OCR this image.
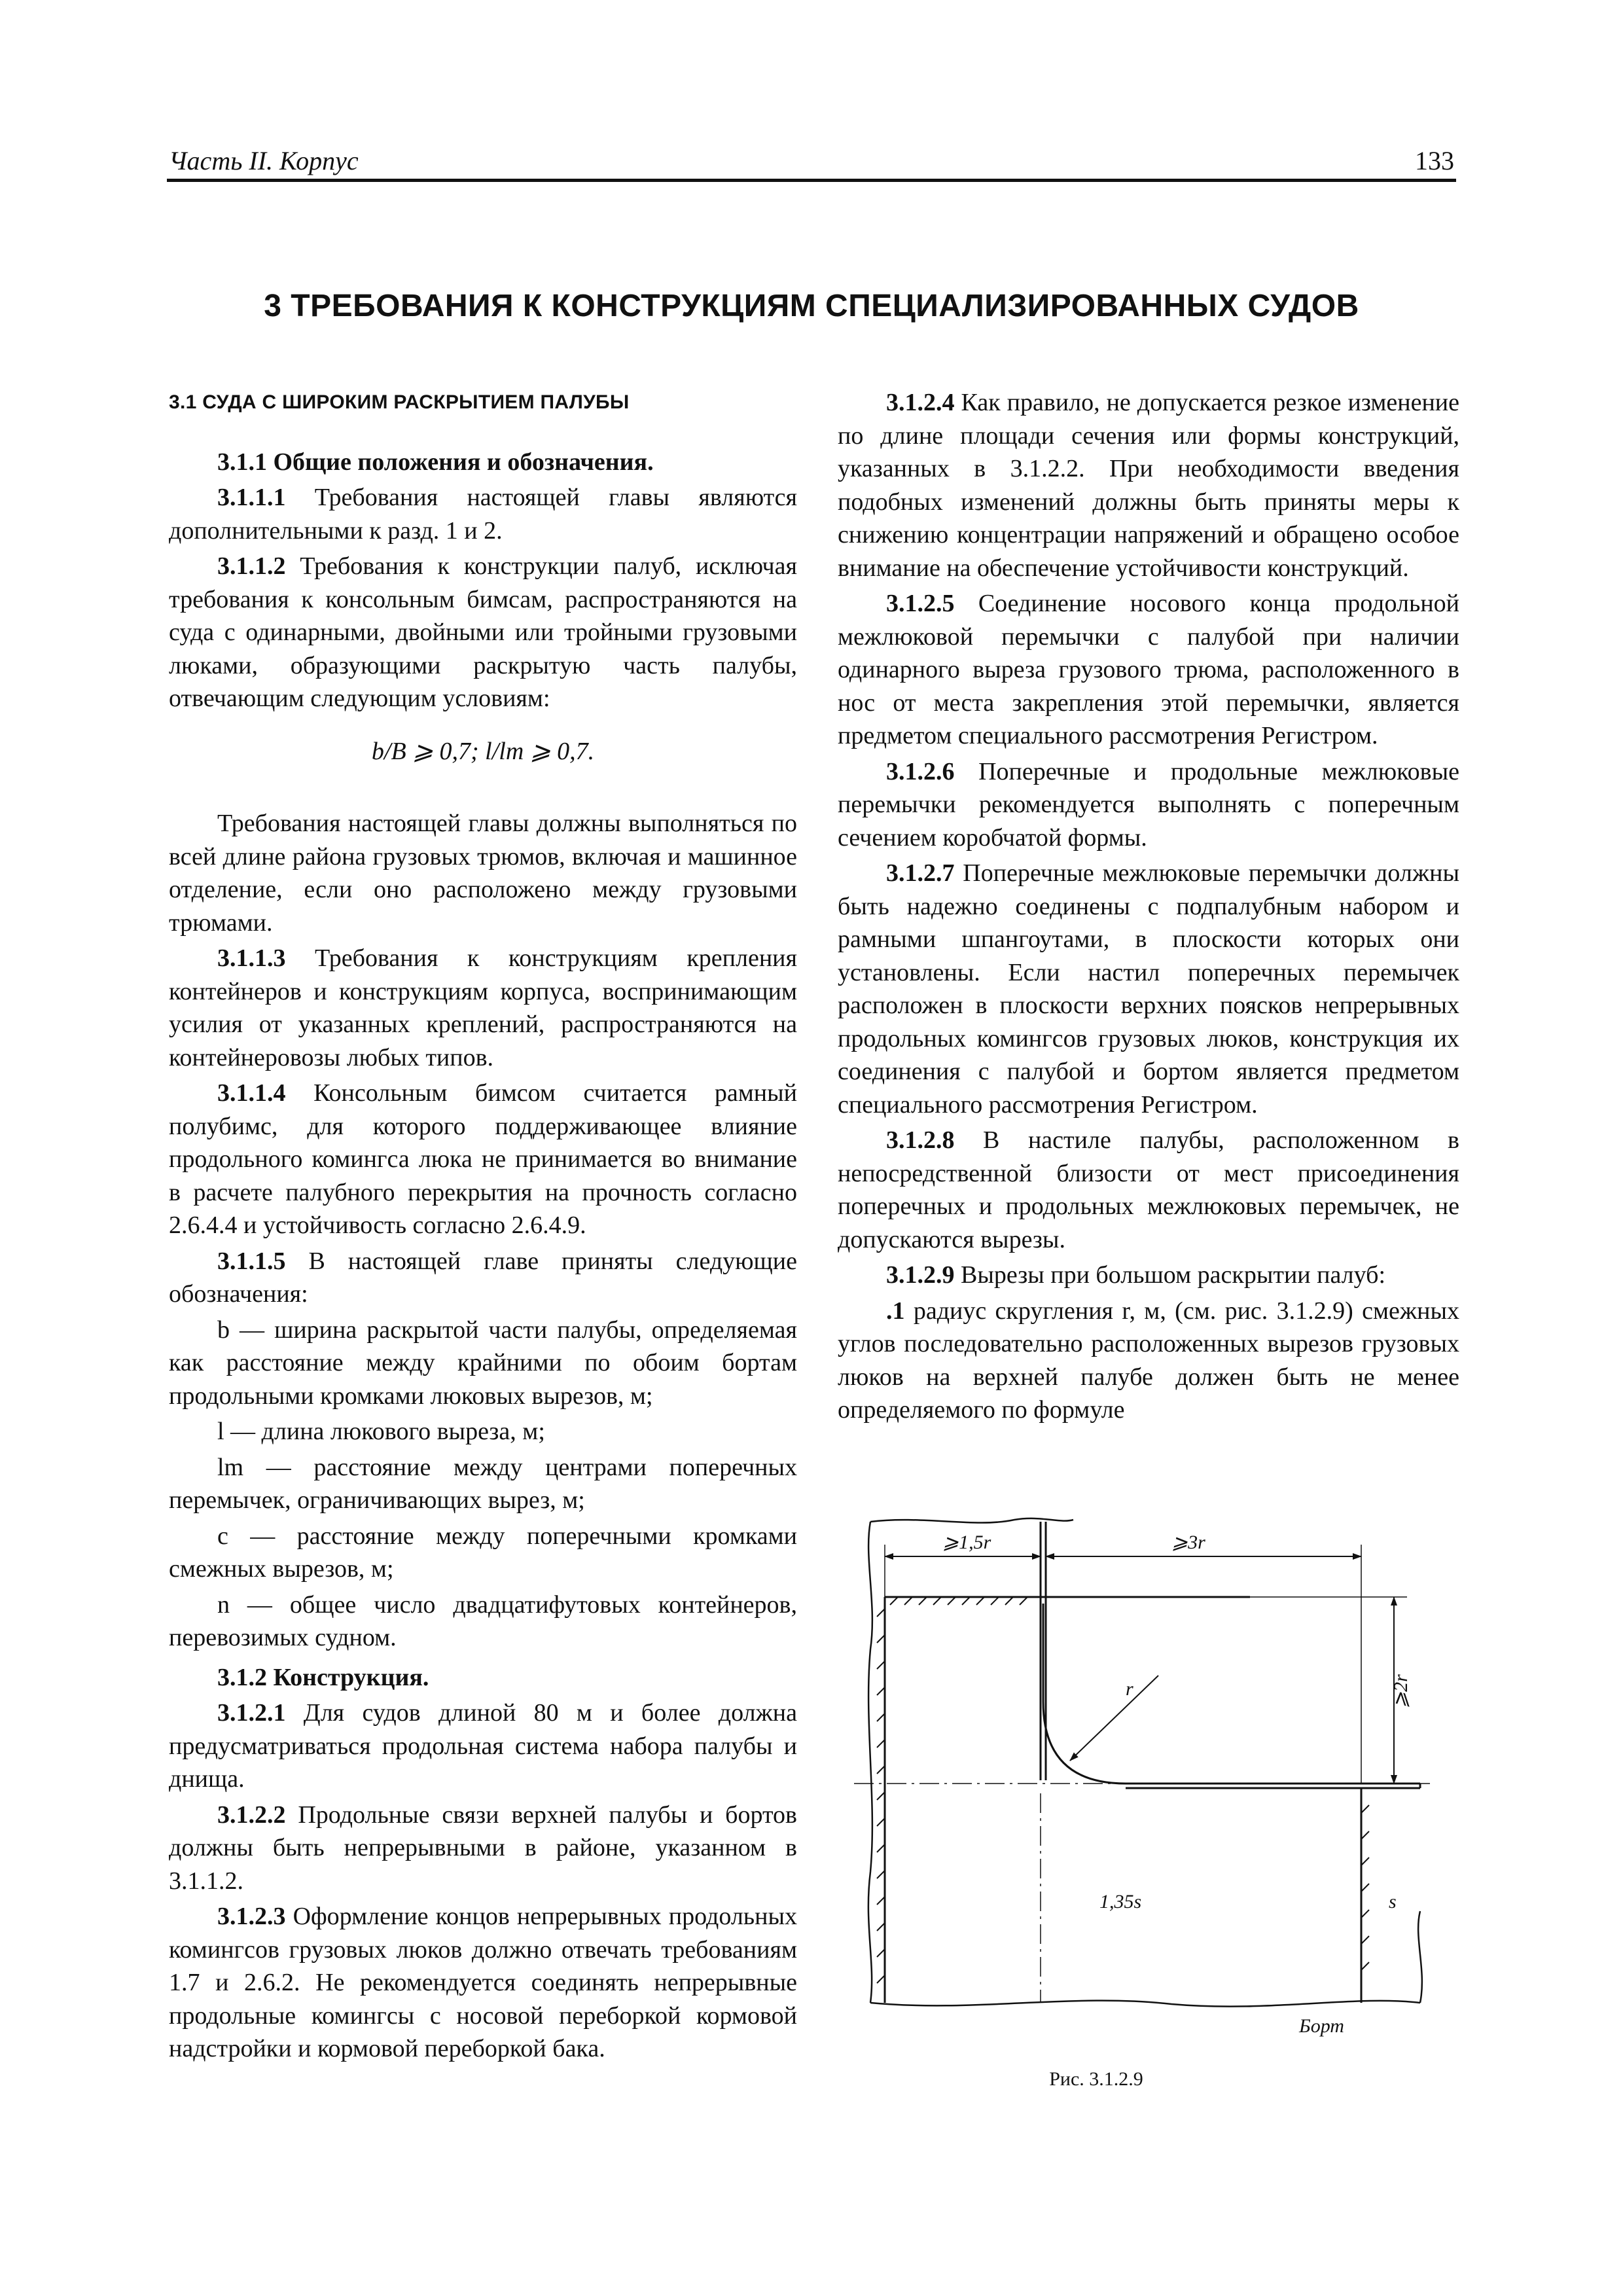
Часть II. Корпус	133
3 ТРЕБОВАНИЯ К КОНСТРУКЦИЯМ СПЕЦИАЛИЗИРОВАННЫХ СУДОВ

3.1 СУДА С ШИРОКИМ РАСКРЫТИЕМ ПАЛУБЫ

3.1.1 Общие положения и обозначения.

3.1.1.1 Требования настоящей главы являются дополнительными к разд. 1 и 2.

3.1.1.2 Требования к конструкции палуб, исключая требования к консольным бимсам, распространяются на суда с одинарными, двойными или тройными грузовыми люками, образующими раскрытую часть палубы, отвечающим следующим условиям:

b/B ⩾ 0,7; l/lm ⩾ 0,7.

Требования настоящей главы должны выполняться по всей длине района грузовых трюмов, включая и машинное отделение, если оно расположено между грузовыми трюмами.

3.1.1.3 Требования к конструкциям крепления контейнеров и конструкциям корпуса, воспринимающим усилия от указанных креплений, распространяются на контейнеровозы любых типов.

3.1.1.4 Консольным бимсом считается рамный полубимс, для которого поддерживающее влияние продольного комингса люка не принимается во внимание в расчете палубного перекрытия на прочность согласно 2.6.4.4 и устойчивость согласно 2.6.4.9.

3.1.1.5 В настоящей главе приняты следующие обозначения:

b — ширина раскрытой части палубы, определяемая как расстояние между крайними по обоим бортам продольными кромками люковых вырезов, м;

l — длина люкового выреза, м;

lm — расстояние между центрами поперечных перемычек, ограничивающих вырез, м;

c — расстояние между поперечными кромками смежных вырезов, м;

n — общее число двадцатифутовых контейнеров, перевозимых судном.

3.1.2 Конструкция.

3.1.2.1 Для судов длиной 80 м и более должна предусматриваться продольная система набора палубы и днища.

3.1.2.2 Продольные связи верхней палубы и бортов должны быть непрерывными в районе, указанном в 3.1.1.2.

3.1.2.3 Оформление концов непрерывных продольных комингсов грузовых люков должно отвечать требованиям 1.7 и 2.6.2. Не рекомендуется соединять непрерывные продольные комингсы с носовой переборкой кормовой надстройки и кормовой переборкой бака.

3.1.2.4 Как правило, не допускается резкое изменение по длине площади сечения или формы конструкций, указанных в 3.1.2.2. При необходимости введения подобных изменений должны быть приняты меры к снижению концентрации напряжений и обращено особое внимание на обеспечение устойчивости конструкций.

3.1.2.5 Соединение носового конца продольной межлюковой перемычки с палубой при наличии одинарного выреза грузового трюма, расположенного в нос от места закрепления этой перемычки, является предметом специального рассмотрения Регистром.

3.1.2.6 Поперечные и продольные межлюковые перемычки рекомендуется выполнять с поперечным сечением коробчатой формы.

3.1.2.7 Поперечные межлюковые перемычки должны быть надежно соединены с подпалубным набором и рамными шпангоутами, в плоскости которых они установлены. Если настил поперечных перемычек расположен в плоскости верхних поясков непрерывных продольных комингсов грузовых люков, конструкция их соединения с палубой и бортом является предметом специального рассмотрения Регистром.

3.1.2.8 В настиле палубы, расположенном в непосредственной близости от мест присоединения поперечных и продольных межлюковых перемычек, не допускаются вырезы.

3.1.2.9 Вырезы при большом раскрытии палуб:

.1 радиус скругления r, м, (см. рис. 3.1.2.9) смежных углов последовательно расположенных вырезов грузовых люков на верхней палубе должен быть не менее определяемого по формуле

⩾1,5r	⩾3r
⩾2r
r
1,35s	s
Борт
Рис. 3.1.2.9
